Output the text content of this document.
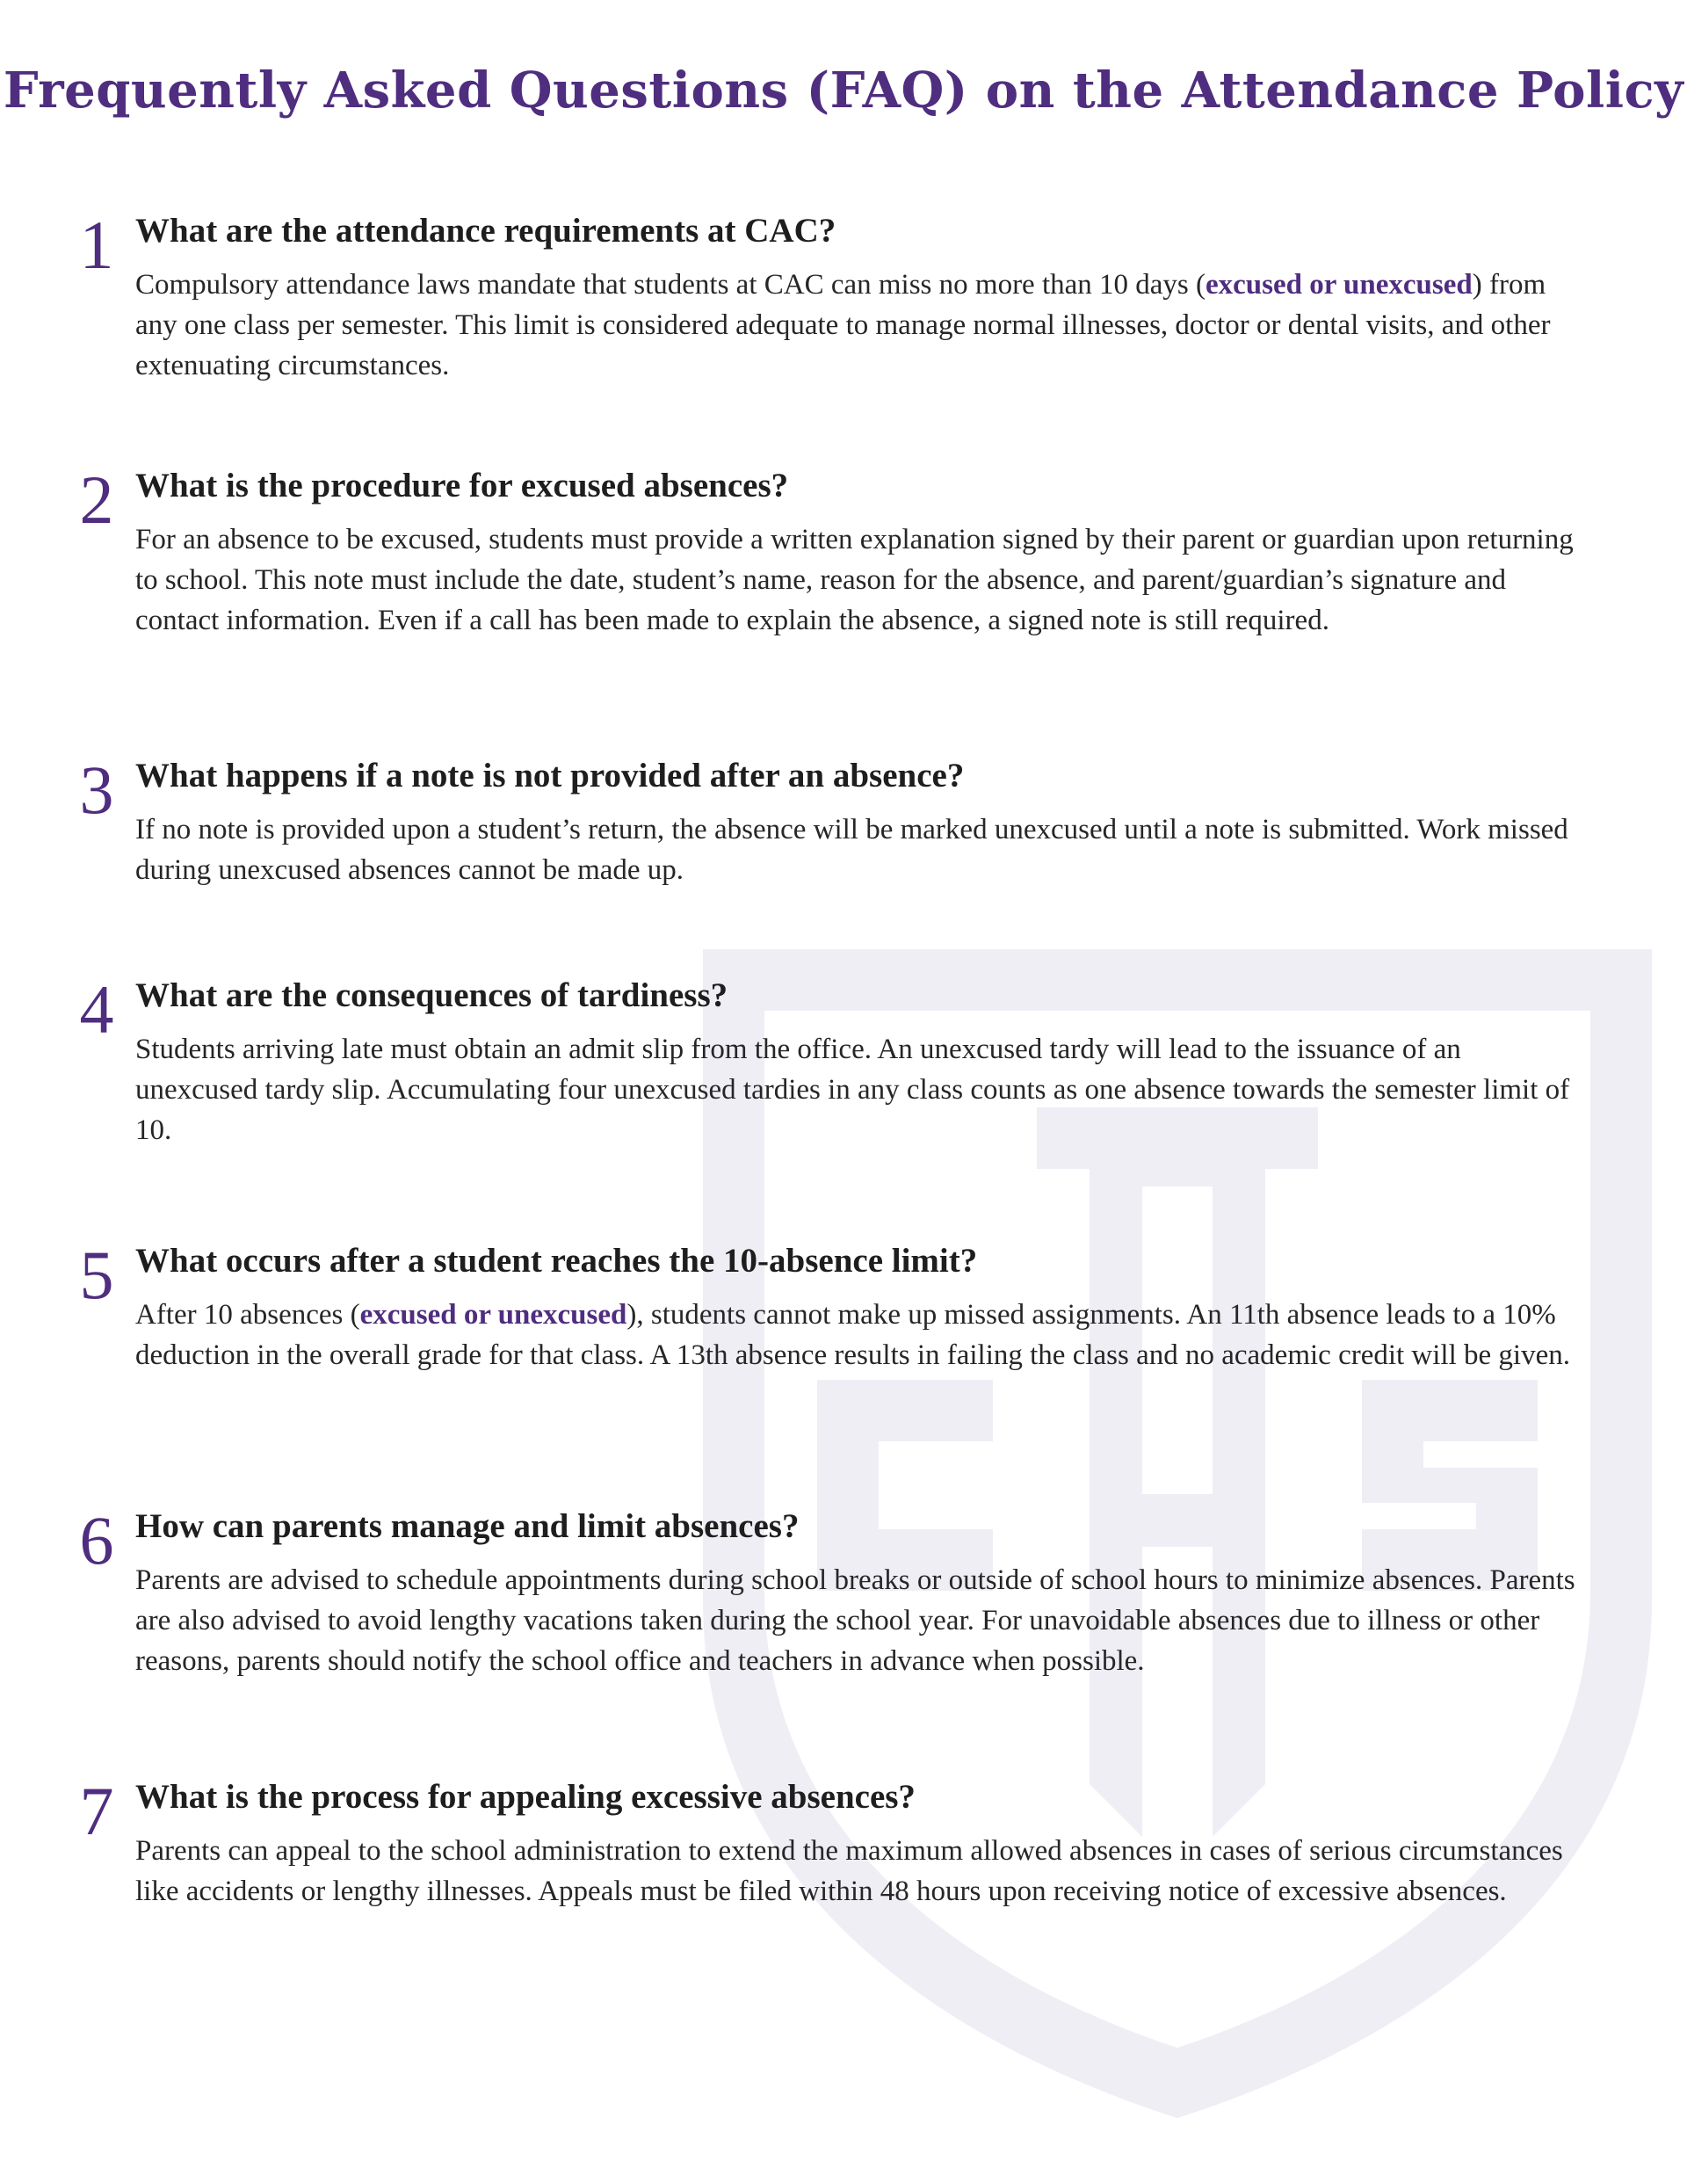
Frequently Asked Questions (FAQ) on the Attendance Policy
1 What are the attendance requirements at CAC?

Compulsory attendance laws mandate that students at CAC can miss no more than 10 days (excused or unexcused) from any one class per semester. This limit is considered adequate to manage normal illnesses, doctor or dental visits, and other extenuating circumstances.

2 What is the procedure for excused absences?

For an absence to be excused, students must provide a written explanation signed by their parent or guardian upon returning to school. This note must include the date, student’s name, reason for the absence, and parent/guardian’s signature and contact information. Even if a call has been made to explain the absence, a signed note is still required.

3 What happens if a note is not provided after an absence?

If no note is provided upon a student’s return, the absence will be marked unexcused until a note is submitted. Work missed during unexcused absences cannot be made up.

4 What are the consequences of tardiness?

Students arriving late must obtain an admit slip from the office. An unexcused tardy will lead to the issuance of an unexcused tardy slip. Accumulating four unexcused tardies in any class counts as one absence towards the semester limit of 10.

5 What occurs after a student reaches the 10-absence limit?

After 10 absences (excused or unexcused), students cannot make up missed assignments. An 11th absence leads to a 10% deduction in the overall grade for that class. A 13th absence results in failing the class and no academic credit will be given.

6 How can parents manage and limit absences?

Parents are advised to schedule appointments during school breaks or outside of school hours to minimize absences. Parents are also advised to avoid lengthy vacations taken during the school year. For unavoidable absences due to illness or other reasons, parents should notify the school office and teachers in advance when possible.

7 What is the process for appealing excessive absences?

Parents can appeal to the school administration to extend the maximum allowed absences in cases of serious circumstances like accidents or lengthy illnesses. Appeals must be filed within 48 hours upon receiving notice of excessive absences.
